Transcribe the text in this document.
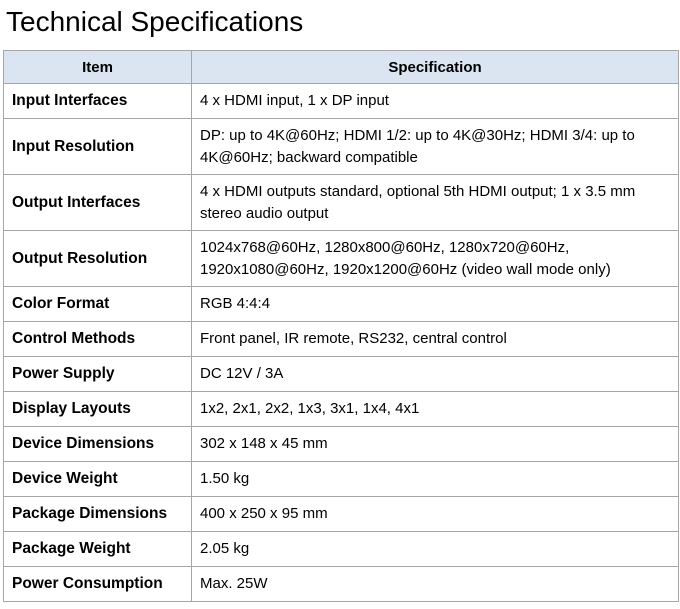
Technical Specifications
Item	Specification
Input Interfaces	4 x HDMI input, 1 x DP input
Input Resolution	DP: up to 4K@60Hz; HDMI 1/2: up to 4K@30Hz; HDMI 3/4: up to 4K@60Hz; backward compatible
Output Interfaces	4 x HDMI outputs standard, optional 5th HDMI output; 1 x 3.5 mm stereo audio output
Output Resolution	1024x768@60Hz, 1280x800@60Hz, 1280x720@60Hz, 1920x1080@60Hz, 1920x1200@60Hz (video wall mode only)
Color Format	RGB 4:4:4
Control Methods	Front panel, IR remote, RS232, central control
Power Supply	DC 12V / 3A
Display Layouts	1x2, 2x1, 2x2, 1x3, 3x1, 1x4, 4x1
Device Dimensions	302 x 148 x 45 mm
Device Weight	1.50 kg
Package Dimensions	400 x 250 x 95 mm
Package Weight	2.05 kg
Power Consumption	Max. 25W
